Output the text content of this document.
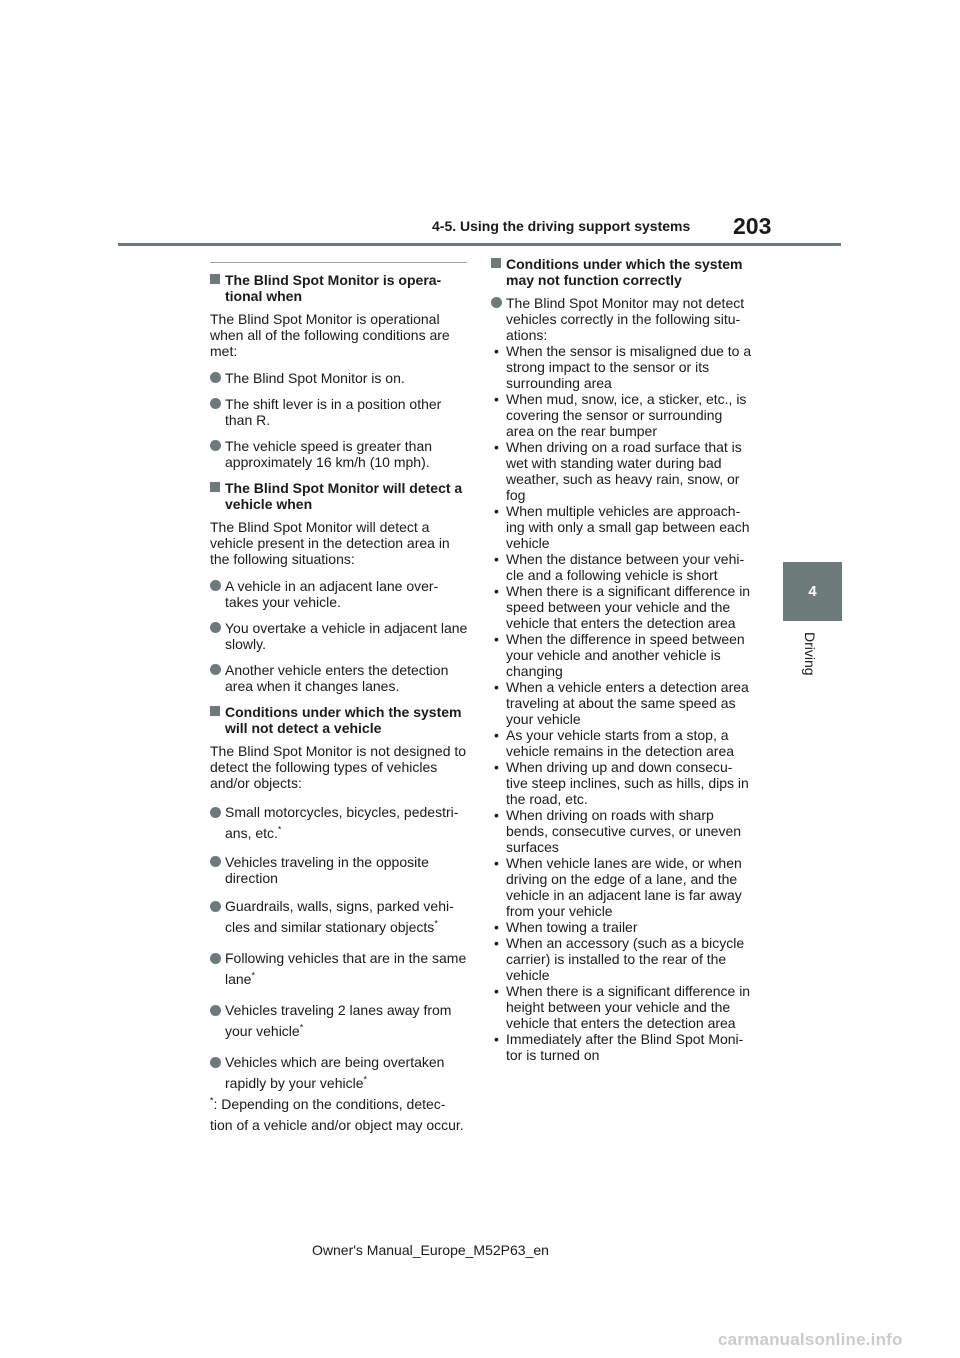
4-5. Using the driving support systems 203
4
Driving
The Blind Spot Monitor is opera-
tional when

The Blind Spot Monitor is operational when all of the following conditions are met:

The Blind Spot Monitor is on.
The shift lever is in a position other than R.
The vehicle speed is greater than approximately 16 km/h (10 mph).
The Blind Spot Monitor will detect a
vehicle when

The Blind Spot Monitor will detect a vehicle present in the detection area in the following situations:

A vehicle in an adjacent lane over-takes your vehicle.
You overtake a vehicle in adjacent lane slowly.
Another vehicle enters the detection area when it changes lanes.
Conditions under which the system
will not detect a vehicle

The Blind Spot Monitor is not designed to detect the following types of vehicles and/or objects:

Small motorcycles, bicycles, pedestri-ans, etc.*
Vehicles traveling in the opposite direction
Guardrails, walls, signs, parked vehi-cles and similar stationary objects*
Following vehicles that are in the same lane*
Vehicles traveling 2 lanes away from your vehicle*
Vehicles which are being overtaken rapidly by your vehicle*
*: Depending on the conditions, detec-tion of a vehicle and/or object may occur.
Conditions under which the system
may not function correctly
The Blind Spot Monitor may not detect vehicles correctly in the following situ-ations:
• When the sensor is misaligned due to a strong impact to the sensor or its surrounding area
• When mud, snow, ice, a sticker, etc., is covering the sensor or surrounding area on the rear bumper
• When driving on a road surface that is wet with standing water during bad weather, such as heavy rain, snow, or fog
• When multiple vehicles are approach-ing with only a small gap between each vehicle
• When the distance between your vehi-cle and a following vehicle is short
• When there is a significant difference in speed between your vehicle and the vehicle that enters the detection area
• When the difference in speed between your vehicle and another vehicle is changing
• When a vehicle enters a detection area traveling at about the same speed as your vehicle
• As your vehicle starts from a stop, a vehicle remains in the detection area
• When driving up and down consecu-tive steep inclines, such as hills, dips in the road, etc.
• When driving on roads with sharp bends, consecutive curves, or uneven surfaces
• When vehicle lanes are wide, or when driving on the edge of a lane, and the vehicle in an adjacent lane is far away from your vehicle
• When towing a trailer
• When an accessory (such as a bicycle carrier) is installed to the rear of the vehicle
• When there is a significant difference in height between your vehicle and the vehicle that enters the detection area
• Immediately after the Blind Spot Moni-tor is turned on
Owner's Manual_Europe_M52P63_en
carmanualsonline.info
